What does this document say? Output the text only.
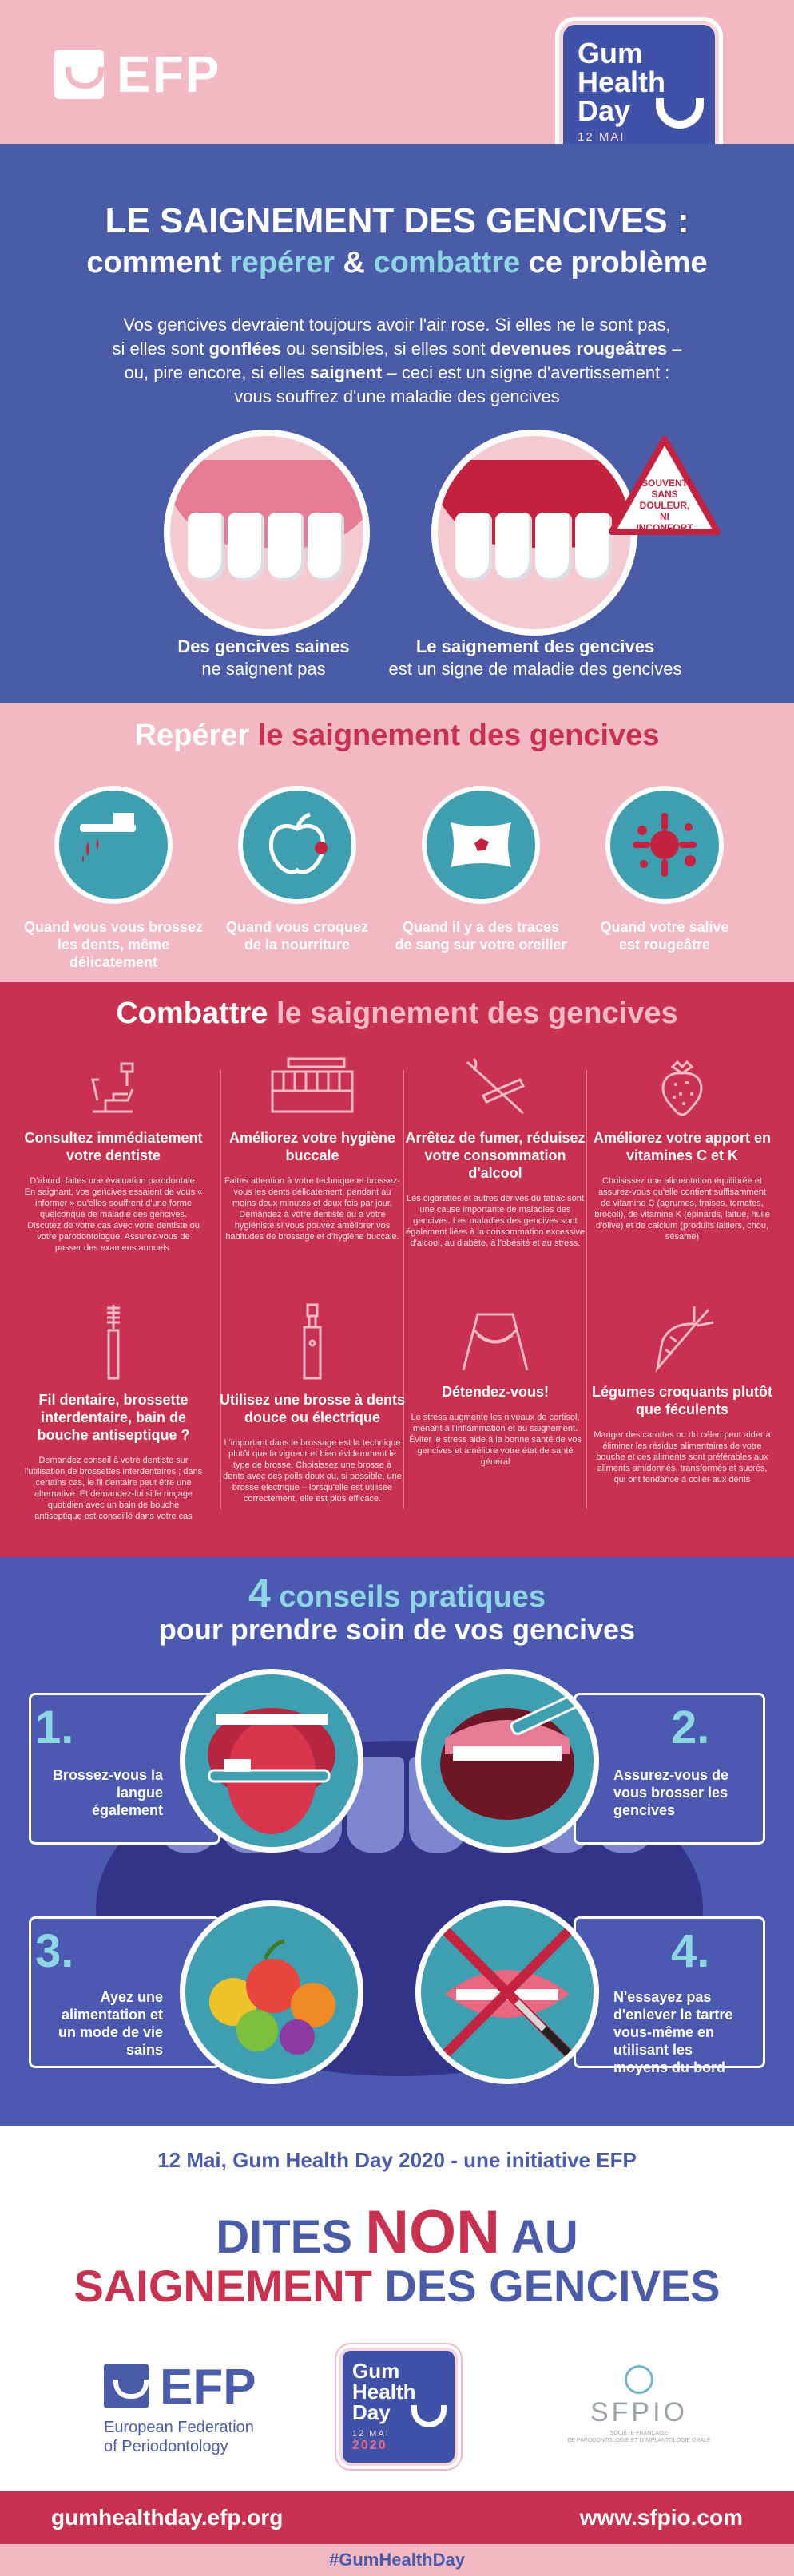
EFP	Gum
Health
Day
12 MAI

LE SAIGNEMENT DES GENCIVES :
comment repérer & combattre ce problème
Vos gencives devraient toujours avoir l'air rose. Si elles ne le sont pas,
si elles sont gonflées ou sensibles, si elles sont devenues rougeâtres –
ou, pire encore, si elles saignent – ceci est un signe d'avertissement :
vous souffrez d'une maladie des gencives
SOUVENT
SANS
DOULEUR,
NI INCONFORT
Des gencives saines
ne saignent pas
Le saignement des gencives
est un signe de maladie des gencives
Repérer le saignement des gencives
Quand vous vous brossez
les dents, même délicatement
Quand vous croquez
de la nourriture
Quand il y a des traces
de sang sur votre oreiller
Quand votre salive
est rougeâtre
Combattre le saignement des gencives
Consultez immédiatement votre dentiste
D'abord, faites une évaluation parodontale. En saignant, vos gencives essaient de vous « informer » qu'elles souffrent d'une forme quelconque de maladie des gencives. Discutez de votre cas avec votre dentiste ou votre parodontologue. Assurez-vous de passer des examens annuels.
Améliorez votre hygiène buccale
Faites attention à votre technique et brossez-vous les dents délicatement, pendant au moins deux minutes et deux fois par jour. Demandez à votre dentiste ou à votre hygiéniste si vous pouvez améliorer vos habitudes de brossage et d'hygiène buccale.
Arrêtez de fumer, réduisez votre consommation d'alcool
Les cigarettes et autres dérivés du tabac sont une cause importante de maladies des gencives. Les maladies des gencives sont également liées à la consommation excessive d'alcool, au diabète, à l'obésité et au stress.
Améliorez votre apport en vitamines C et K
Choisissez une alimentation équilibrée et assurez-vous qu'elle contient suffisamment de vitamine C (agrumes, fraises, tomates, brocoli), de vitamine K (épinards, laitue, huile d'olive) et de calcium (produits laitiers, chou, sésame)
Fil dentaire, brossette interdentaire, bain de bouche antiseptique ?
Demandez conseil à votre dentiste sur l'utilisation de brossettes interdentaires ; dans certains cas, le fil dentaire peut être une alternative. Et demandez-lui si le rinçage quotidien avec un bain de bouche antiseptique est conseillé dans votre cas
Utilisez une brosse à dents douce ou électrique
L'important dans le brossage est la technique plutôt que la vigueur et bien évidemment le type de brosse. Choisissez une brosse à dents avec des poils doux ou, si possible, une brosse électrique – lorsqu'elle est utilisée correctement, elle est plus efficace.
Détendez-vous!
Le stress augmente les niveaux de cortisol, menant à l'inflammation et au saignement. Éviter le stress aide à la bonne santé de vos gencives et améliore votre état de santé général
Légumes croquants plutôt que féculents
Manger des carottes ou du céleri peut aider à éliminer les résidus alimentaires de votre bouche et ces aliments sont préférables aux aliments amidonnés, transformés et sucrés, qui ont tendance à coller aux dents
4 conseils pratiques
pour prendre soin de vos gencives
1.
Brossez-vous la langue également
2.
Assurez-vous de vous brosser les gencives
3.
Ayez une alimentation et un mode de vie sains
4.
N'essayez pas d'enlever le tartre vous-même en utilisant les moyens du bord
12 Mai, Gum Health Day 2020 - une initiative EFP
DITES NON AU
SAIGNEMENT DES GENCIVES
EFP
European Federation
of Periodontology
Gum
Health
Day
12 MAI
2020
SFPIO
SOCIÉTÉ FRANÇAISE
DE PARODONTOLOGIE ET D'IMPLANTOLOGIE ORALE
gumhealthday.efp.org	www.sfpio.com
#GumHealthDay
